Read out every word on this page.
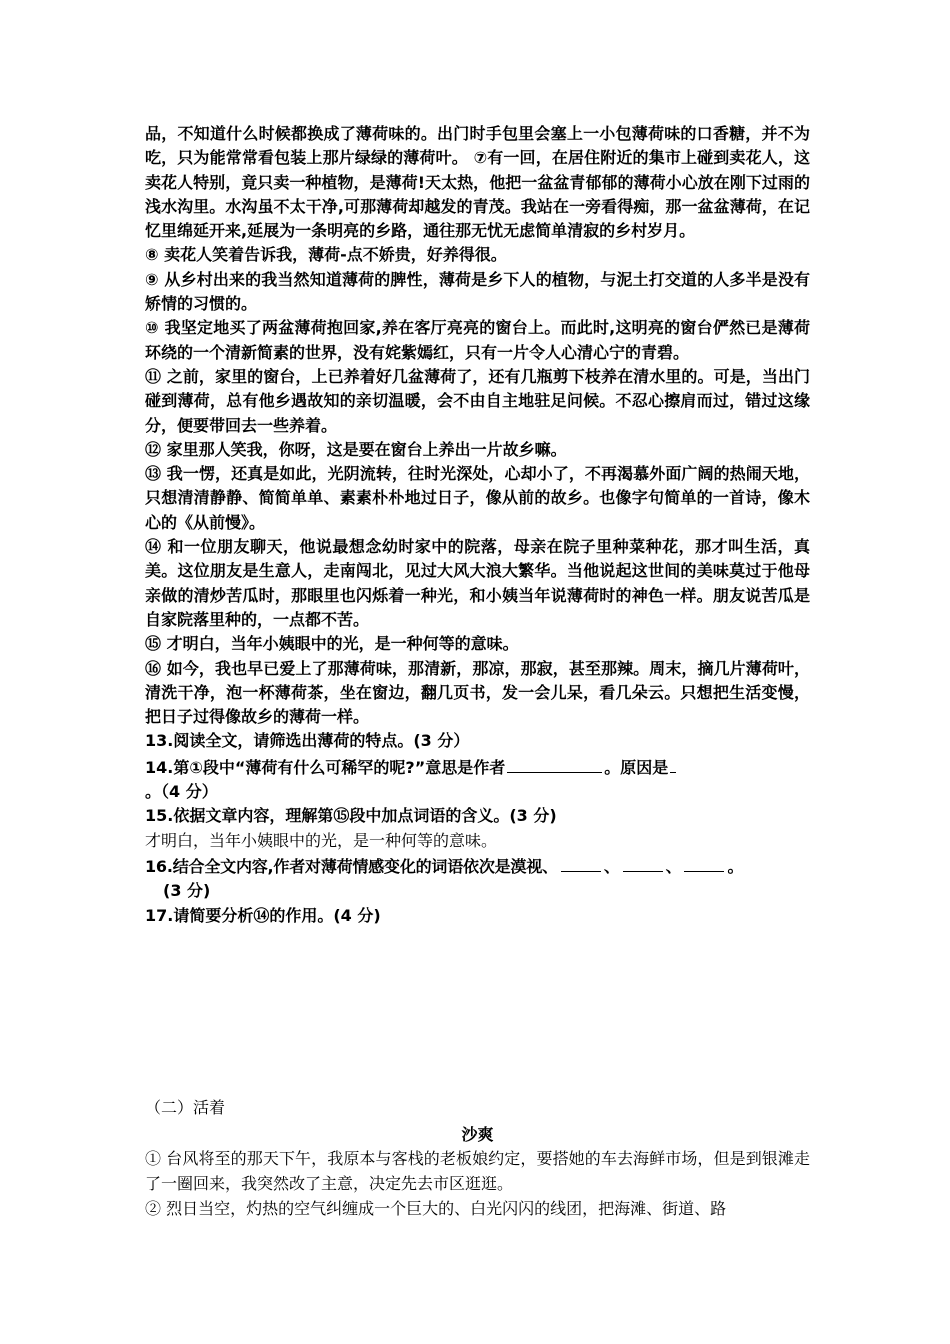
品，不知道什么时候都换成了薄荷味的。出门时手包里会塞上一小包薄荷味的口香糖，并不为吃，只为能常常看包装上那片绿绿的薄荷叶。 ⑦有一回，在居住附近的集市上碰到卖花人，这卖花人特别，竟只卖一种植物，是薄荷!天太热，他把一盆盆青郁郁的薄荷小心放在刚下过雨的浅水沟里。水沟虽不太干净,可那薄荷却越发的青茂。我站在一旁看得痴，那一盆盆薄荷，在记忆里绵延开来,延展为一条明亮的乡路，通往那无忧无虑简单清寂的乡村岁月。

⑧ 卖花人笑着告诉我，薄荷-点不娇贵，好养得很。

⑨ 从乡村出来的我当然知道薄荷的脾性，薄荷是乡下人的植物，与泥土打交道的人多半是没有矫情的习惯的。

⑩ 我坚定地买了两盆薄荷抱回家,养在客厅亮亮的窗台上。而此时,这明亮的窗台俨然已是薄荷环绕的一个清新简素的世界，没有姹紫嫣红，只有一片令人心清心宁的青碧。

⑪ 之前，家里的窗台，上已养着好几盆薄荷了，还有几瓶剪下枝养在清水里的。可是，当出门碰到薄荷，总有他乡遇故知的亲切温暖，会不由自主地驻足问候。不忍心擦肩而过，错过这缘分，便要带回去一些养着。

⑫ 家里那人笑我，你呀，这是要在窗台上养出一片故乡嘛。

⑬ 我一愣，还真是如此，光阴流转，往时光深处，心却小了，不再渴慕外面广阔的热闹天地，只想清清静静、简简单单、素素朴朴地过日子，像从前的故乡。也像字句简单的一首诗，像木心的《从前慢》。

⑭ 和一位朋友聊天，他说最想念幼时家中的院落，母亲在院子里种菜种花，那才叫生活，真美。这位朋友是生意人，走南闯北，见过大风大浪大繁华。当他说起这世间的美味莫过于他母亲做的清炒苦瓜时，那眼里也闪烁着一种光，和小姨当年说薄荷时的神色一样。朋友说苦瓜是自家院落里种的，一点都不苦。

⑮ 才明白，当年小姨眼中的光，是一种何等的意味。

⑯ 如今，我也早已爱上了那薄荷味，那清新，那凉，那寂，甚至那辣。周末，摘几片薄荷叶，清洗干净，泡一杯薄荷茶，坐在窗边，翻几页书，发一会儿呆，看几朵云。只想把生活变慢，把日子过得像故乡的薄荷一样。

13.阅读全文，请筛选出薄荷的特点。(3 分）

14.第①段中“薄荷有什么可稀罕的呢?”意思是作者	。原因是

。（4 分）

15.依据文章内容，理解第⑮段中加点词语的含义。(3 分)

才明白，当年小姨眼中的光，是一种何等的意味。

16.结合全文内容,作者对薄荷情感变化的词语依次是漠视、	、	、	。

(3 分)

17.请简要分析⑭的作用。(4 分)

（二）活着
沙爽

① 台风将至的那天下午，我原本与客栈的老板娘约定，要搭她的车去海鲜市场，但是到银滩走了一圈回来，我突然改了主意，决定先去市区逛逛。

② 烈日当空，灼热的空气纠缠成一个巨大的、白光闪闪的线团，把海滩、街道、路
